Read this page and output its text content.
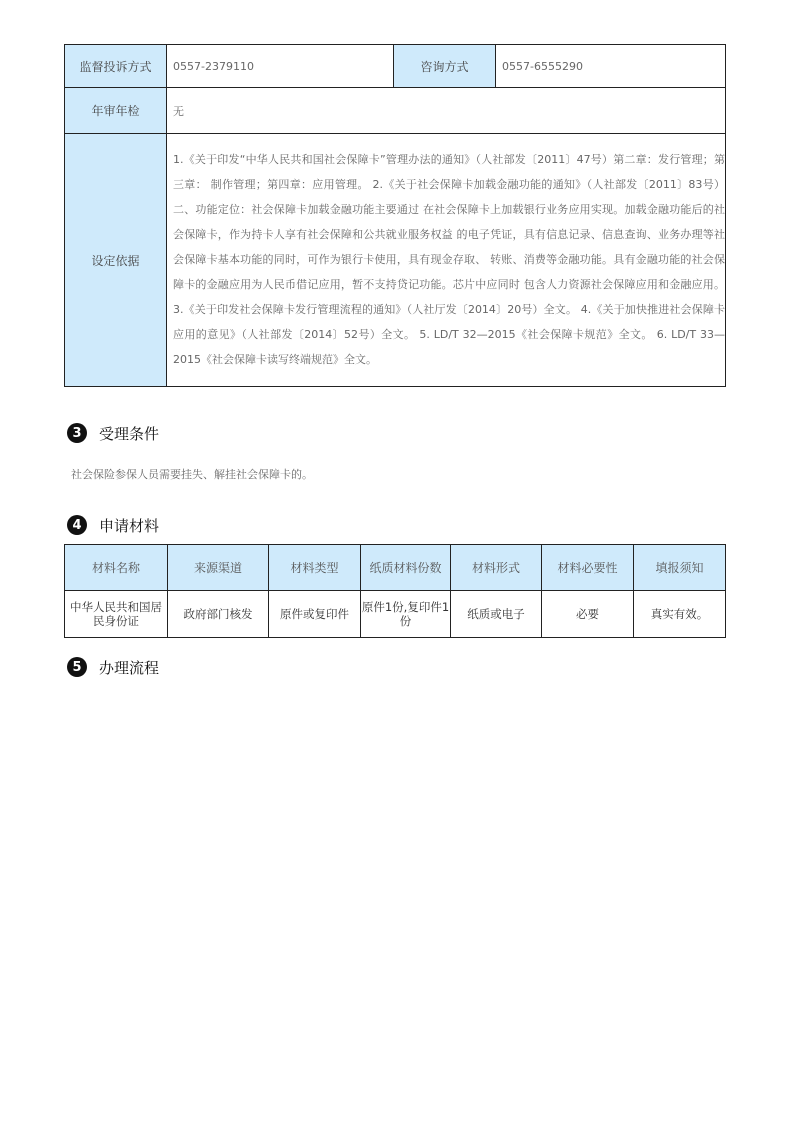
监督投诉方式	0557-2379110	咨询方式	0557-6555290
年审年检	无		
设定依据	1.《关于印发“中华人民共和国社会保障卡”管理办法的通知》（人社部发〔2011〕47号）第二章：发行管理；第三章： 制作管理；第四章：应用管理。 2.《关于社会保障卡加载金融功能的通知》（人社部发〔2011〕83号）二、功能定位：社会保障卡加载金融功能主要通过 在社会保障卡上加载银行业务应用实现。加载金融功能后的社会保障卡，作为持卡人享有社会保障和公共就业服务权益 的电子凭证，具有信息记录、信息查询、业务办理等社会保障卡基本功能的同时，可作为银行卡使用，具有现金存取、 转账、消费等金融功能。具有金融功能的社会保障卡的金融应用为人民币借记应用，暂不支持贷记功能。芯片中应同时 包含人力资源社会保障应用和金融应用。 3.《关于印发社会保障卡发行管理流程的通知》（人社厅发〔2014〕20号）全文。 4.《关于加快推进社会保障卡应用的意见》（人社部发〔2014〕52号）全文。 5. LD/T 32—2015《社会保障卡规范》全文。 6. LD/T 33—2015《社会保障卡读写终端规范》全文。		
3	受理条件
社会保险参保人员需要挂失、解挂社会保障卡的。
4	申请材料
材料名称	来源渠道	材料类型	纸质材料份数	材料形式	材料必要性	填报须知
中华人民共和国居民身份证	政府部门核发	原件或复印件	原件1份,复印件1份	纸质或电子	必要	真实有效。
5	办理流程
